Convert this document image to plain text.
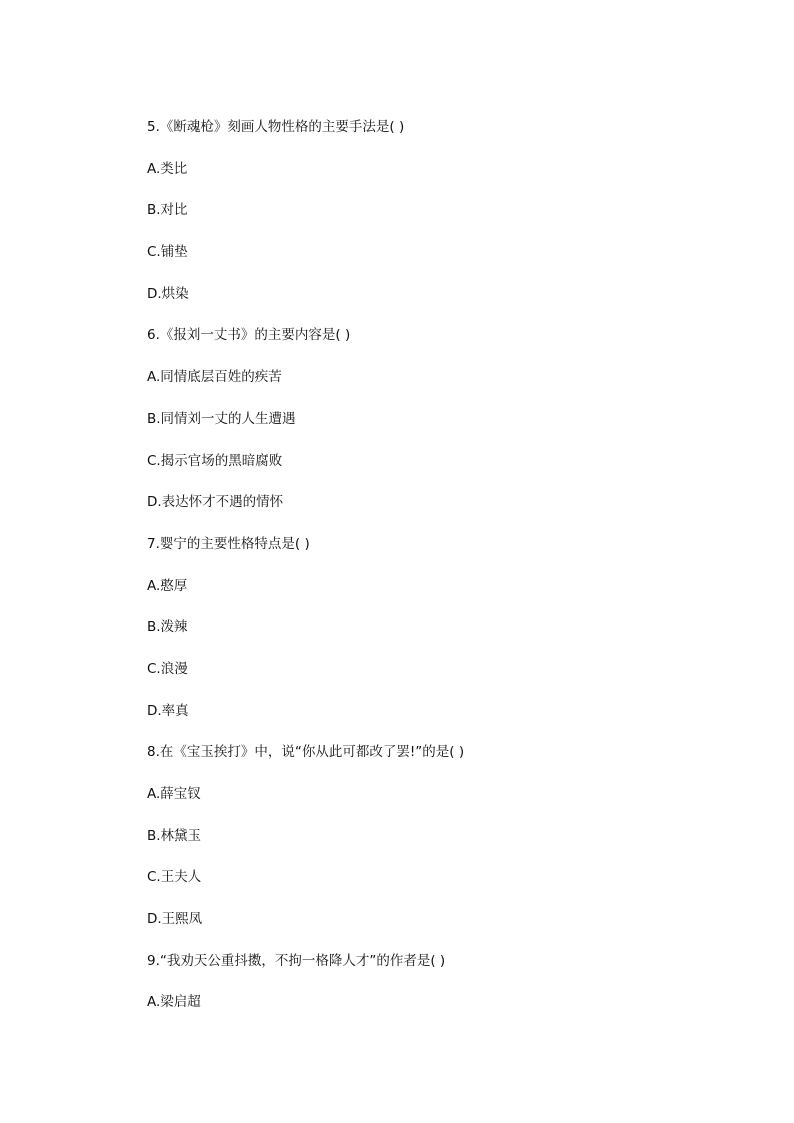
5.《断魂枪》刻画人物性格的主要手法是( )
A.类比
B.对比
C.铺垫
D.烘染
6.《报刘一丈书》的主要内容是( )
A.同情底层百姓的疾苦
B.同情刘一丈的人生遭遇
C.揭示官场的黑暗腐败
D.表达怀才不遇的情怀
7.婴宁的主要性格特点是( )
A.憨厚
B.泼辣
C.浪漫
D.率真
8.在《宝玉挨打》中，说“你从此可都改了罢!”的是( )
A.薛宝钗
B.林黛玉
C.王夫人
D.王熙凤
9.“我劝天公重抖擞，不拘一格降人才”的作者是( )
A.梁启超
